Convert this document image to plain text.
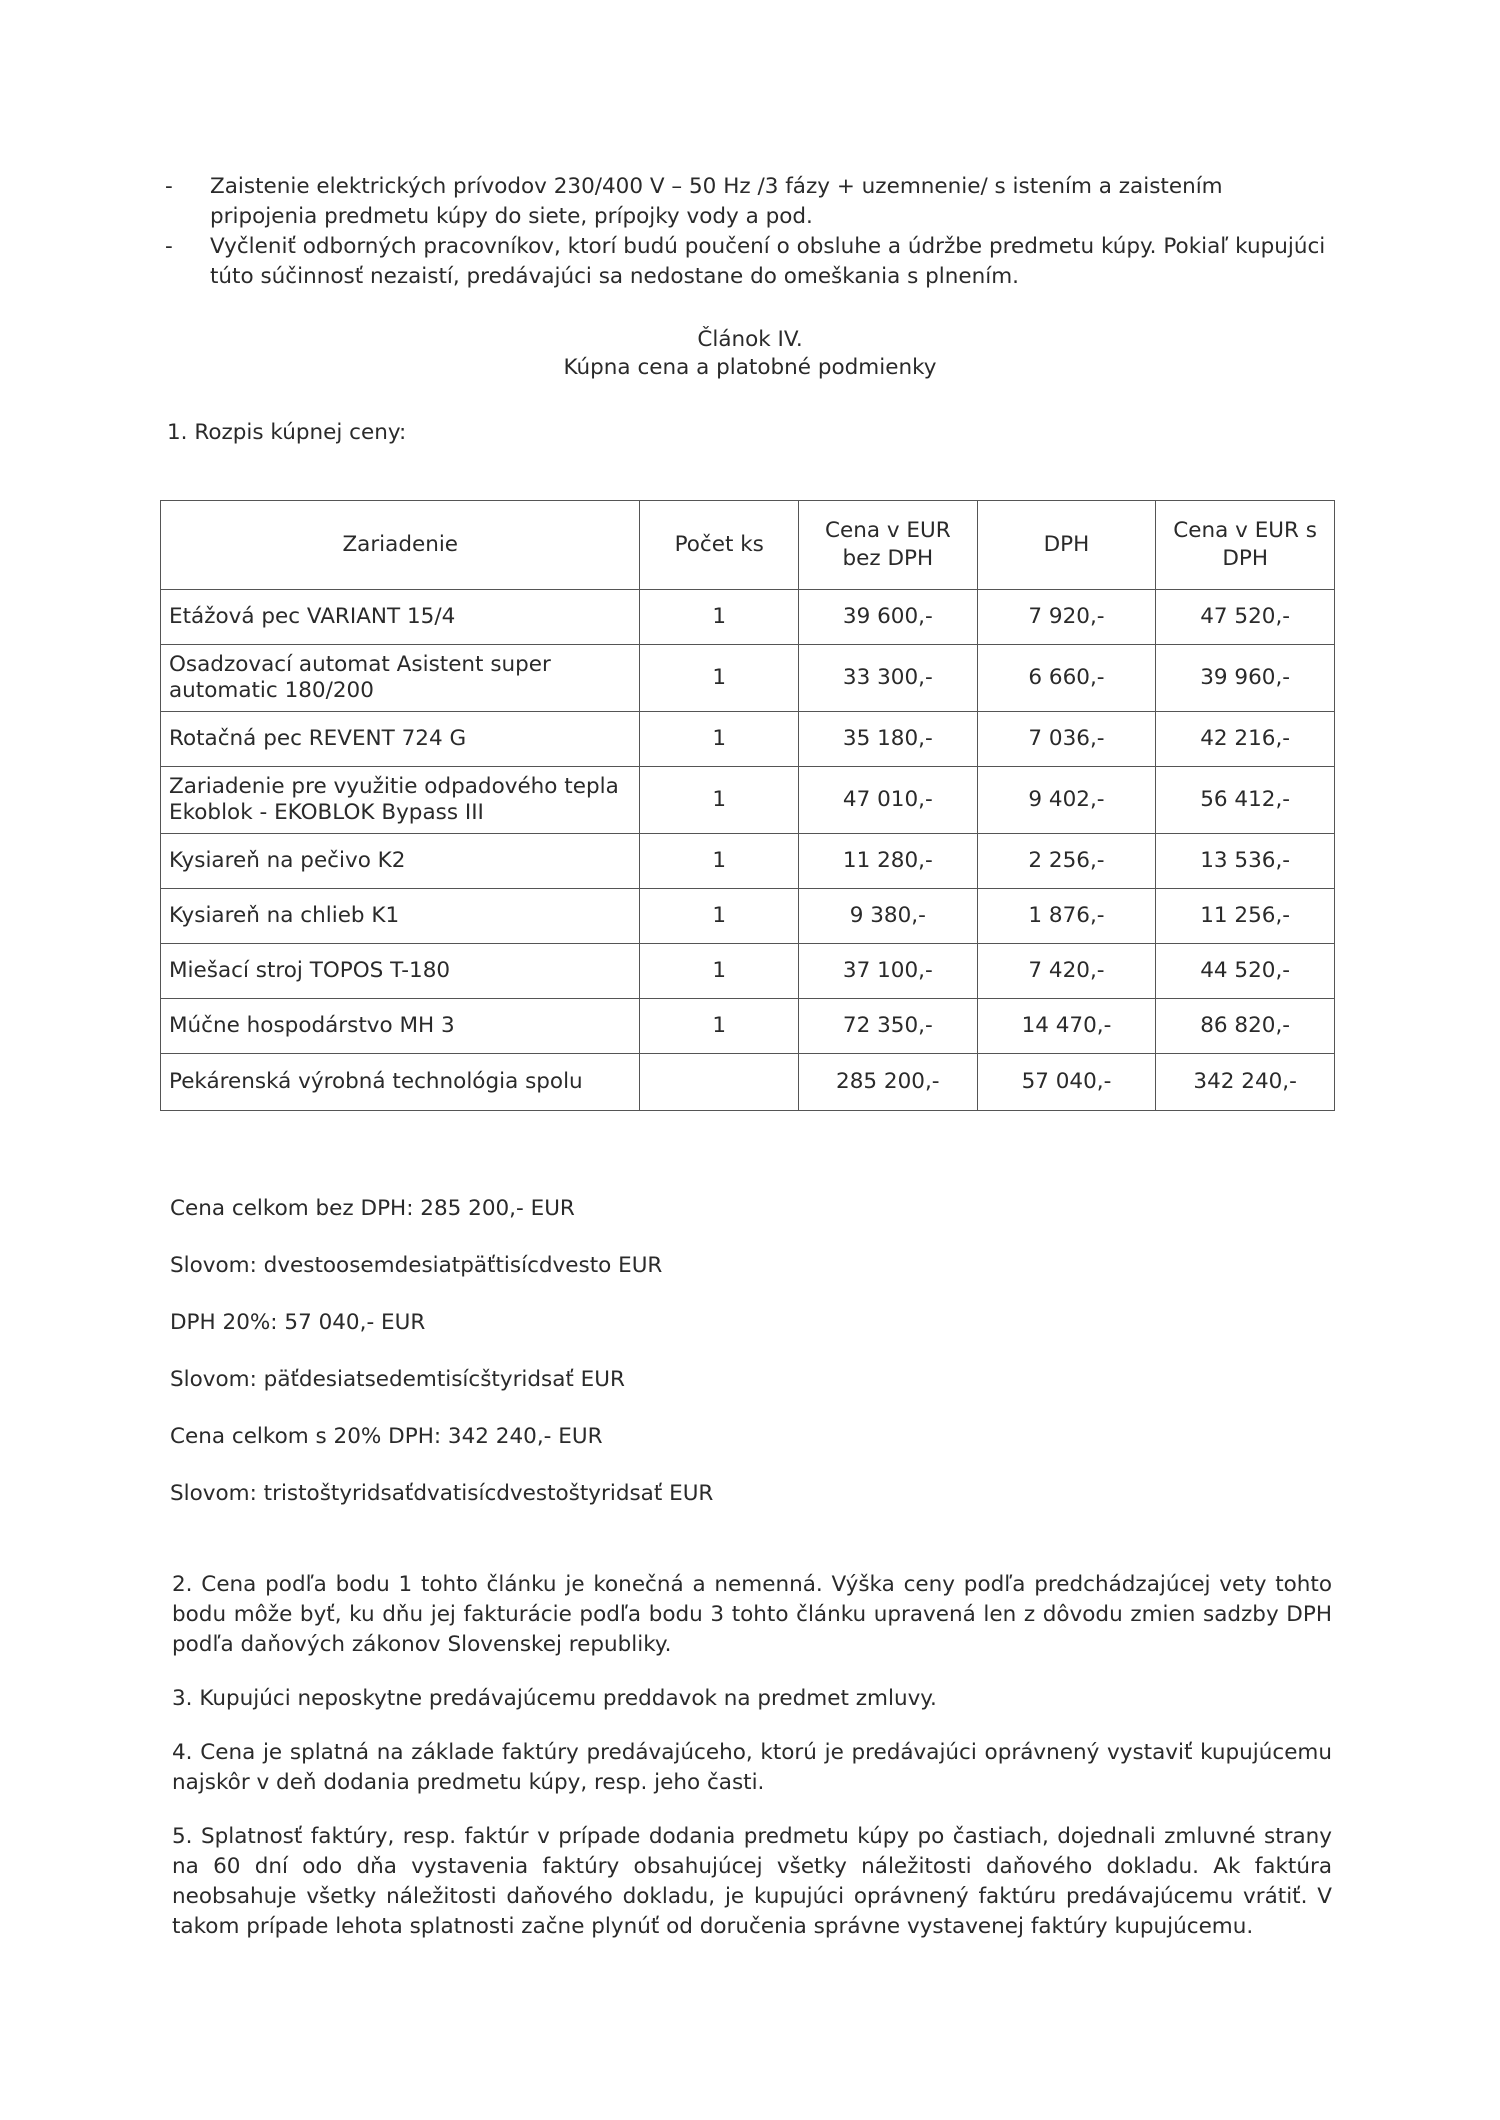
-	Zaistenie elektrických prívodov 230/400 V – 50 Hz /3 fázy + uzemnenie/ s istením a zaistením pripojenia predmetu kúpy do siete, prípojky vody a pod.
-	Vyčleniť odborných pracovníkov, ktorí budú poučení o obsluhe a údržbe predmetu kúpy. Pokiaľ kupujúci túto súčinnosť nezaistí, predávajúci sa nedostane do omeškania s plnením.
Článok IV.
Kúpna cena a platobné podmienky
1. Rozpis kúpnej ceny:
Zariadenie	Počet ks	Cena v EUR bez DPH	DPH	Cena v EUR s DPH
Etážová pec VARIANT 15/4	1	39 600,-	7 920,-	47 520,-
Osadzovací automat Asistent super automatic 180/200	1	33 300,-	6 660,-	39 960,-
Rotačná pec REVENT 724 G	1	35 180,-	7 036,-	42 216,-
Zariadenie pre využitie odpadového tepla Ekoblok - EKOBLOK Bypass III	1	47 010,-	9 402,-	56 412,-
Kysiareň na pečivo K2	1	11 280,-	2 256,-	13 536,-
Kysiareň na chlieb K1	1	9 380,-	1 876,-	11 256,-
Miešací stroj TOPOS T-180	1	37 100,-	7 420,-	44 520,-
Múčne hospodárstvo MH 3	1	72 350,-	14 470,-	86 820,-
Pekárenská výrobná technológia spolu		285 200,-	57 040,-	342 240,-

Cena celkom bez DPH: 285 200,- EUR

Slovom: dvestoosemdesiatpäťtisícdvesto EUR

DPH 20%: 57 040,- EUR

Slovom: päťdesiatsedemtisícštyridsať EUR

Cena celkom s 20% DPH: 342 240,- EUR

Slovom: tristoštyridsaťdvatisícdvestoštyridsať EUR

2. Cena podľa bodu 1 tohto článku je konečná a nemenná. Výška ceny podľa predchádzajúcej vety tohto bodu môže byť, ku dňu jej fakturácie podľa bodu 3 tohto článku upravená len z dôvodu zmien sadzby DPH podľa daňových zákonov Slovenskej republiky.

3. Kupujúci neposkytne predávajúcemu preddavok na predmet zmluvy.

4. Cena je splatná na základe faktúry predávajúceho, ktorú je predávajúci oprávnený vystaviť kupujúcemu najskôr v deň dodania predmetu kúpy, resp. jeho časti.

5. Splatnosť faktúry, resp. faktúr v prípade dodania predmetu kúpy po častiach, dojednali zmluvné strany na 60 dní odo dňa vystavenia faktúry obsahujúcej všetky náležitosti daňového dokladu. Ak faktúra neobsahuje všetky náležitosti daňového dokladu, je kupujúci oprávnený faktúru predávajúcemu vrátiť. V takom prípade lehota splatnosti začne plynúť od doručenia správne vystavenej faktúry kupujúcemu.
